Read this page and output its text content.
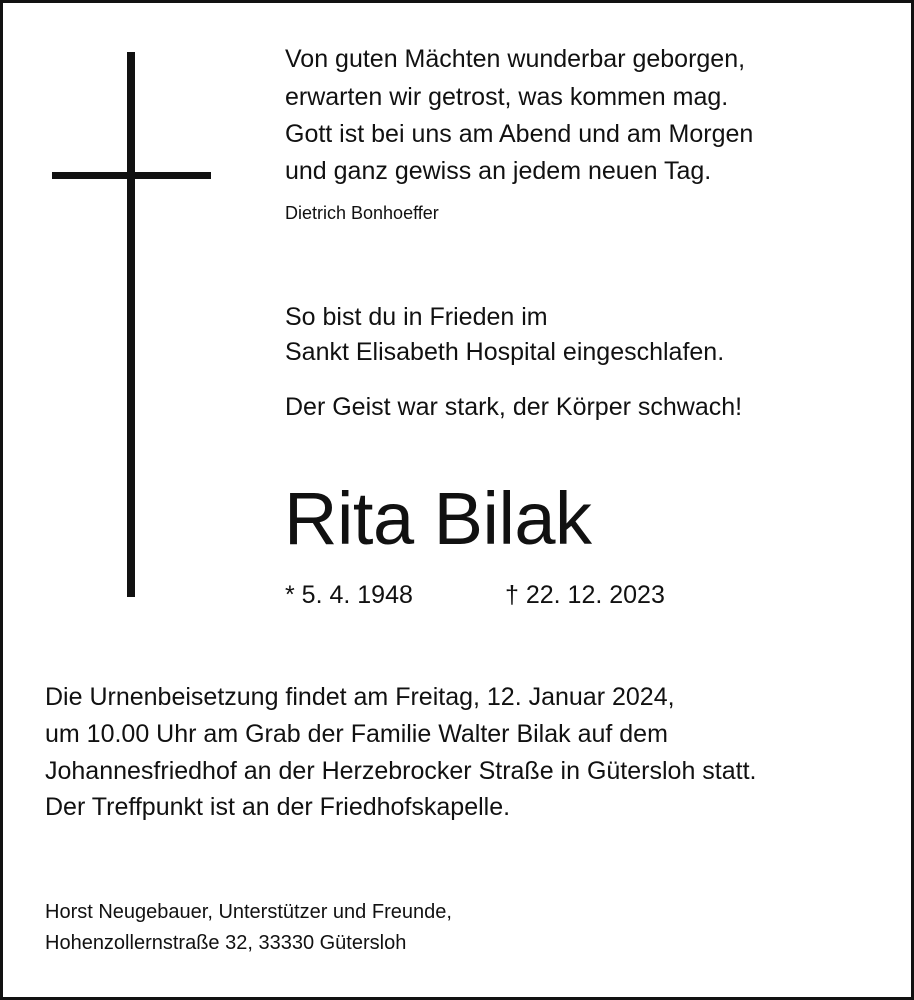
Von guten Mächten wunderbar geborgen,
erwarten wir getrost, was kommen mag.
Gott ist bei uns am Abend und am Morgen
und ganz gewiss an jedem neuen Tag.
Dietrich Bonhoeffer
So bist du in Frieden im
Sankt Elisabeth Hospital eingeschlafen.
Der Geist war stark, der Körper schwach!
Rita Bilak
* 5. 4. 1948	† 22. 12. 2023
Die Urnenbeisetzung findet am Freitag, 12. Januar 2024,
um 10.00 Uhr am Grab der Familie Walter Bilak auf dem
Johannesfriedhof an der Herzebrocker Straße in Gütersloh statt.
Der Treffpunkt ist an der Friedhofskapelle.
Horst Neugebauer, Unterstützer und Freunde,
Hohenzollernstraße 32, 33330 Gütersloh
